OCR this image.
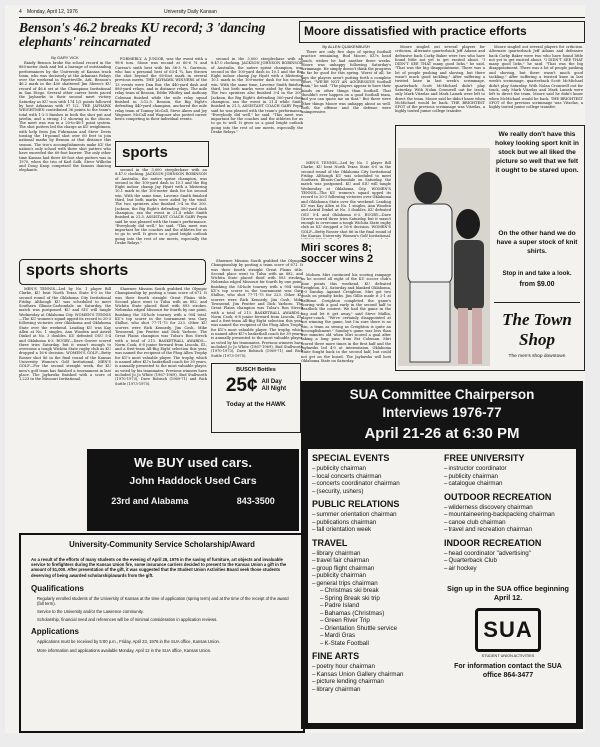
4 Monday, April 12, 1976	University Daily Kansan
Benson's 46.2 breaks KU record; 3 'dancing elephants' reincarnated
By GARY VICK

Randy Benson broke the school record in the 880-meter dash and led a barrage of outstanding performances by the University of Kansas track team, who was decisively at the Arkansas Relays over the weekend in Fayetteville, Ark. Benson's 46.2 mark in the 400 shattered Jim Sheen's KU record of 46.6 set at the Champions Invitational in San Diego. Several other career bests paced the Jayhawks to their second meet victory Saturday as KU won with 174 1/2 points followed by host Arkansas with 97 1/2. THE JAYHAWK WEIGHTMEN contributed 36 points to the team's total with 1-2-3 finishes in both the shot put and javelin, and a strong 1-2 showing in the discus. The meet was run in a 20-to-46-1 point system. The shot putters led the charge as KU weightmen, with help from Jim Fuhrmann and Steve Deets tossing the 16-pound shot over 60 feet to join national marks by Benson at that distance this season. The trio's accomplishments make KU the nation's only school with three shot putters who have exceeded the 60-foot barrier. The only other time Kansas had three 60-foot shot putters was in 1970, when the trio of Karl Salb, Steve Wilhelm and Doug Knop comprised the famous dancing elephants.

FORMERLY, A JUNIOR, was the event with a 98-6 toss. Stone was second at 60-6 ¾ and Curran's sixth best with his 56-3 ¼. Garrison, who has a personal best of 63-4 ¾, has thrown the shot beyond the 60-foot mark in several previous meets. THE JAYHAWK WINNERS of the 13 events were Dan Bur, the 440-yard dash and 880-yard relays, and in distance relays. The mile relay team of Benson, Eddie Whitley and Anthony Coleman finished while the mile relay squad finished in 3:12.5. Benson, the Big Eight's defending 440-yard champion, anchored the mile relay team of Tommy McCall, Steve Akers and Joy Wagoner. McCall and Wagoner also posted career bests competing in their individual events.

sports

second in the 3,000 steeplechase with an 8:47.0 clocking. JACKSON JOHNSON ROBINSON of Australia, the native sprint champion, was second in the 100-yard dash in 10.1 and the Big Eight indoor champ Jay Hyatt with a blistering 10.1 mark in the 100-meter dash for his second win. With the same time, Laverne Smith finished third, but both marks were aided by the wind. The two sprinters also finished 3-4 in the 200. Jackson, the Big Eight's defending 300-yard dash champion, ran the event in 21.4 while Smith finished in 21.5. ASSISTANT COACH GARY Pepin said he was pleased with the team's performance. "Everybody did well," he said. "This meet was important for the coaches and the athletes for us to go to well. It gives us a good bright outlook going into the rest of our meets, especially the Drake Relays."

second in the 3,000 steeplechase with an 8:47.0 clocking. JACKSON JOHNSON ROBINSON of Australia, the native sprint champion, was second in the 100-yard dash in 10.1 and the Big Eight indoor champ Jay Hyatt with a blistering 10.1 mark in the 100-meter dash for his second win. With the same time, Laverne Smith finished third, but both marks were aided by the wind. The two sprinters also finished 3-4 in the 200. Jackson, the Big Eight's defending 300-yard dash champion, ran the event in 21.4 while Smith finished in 21.5. ASSISTANT COACH GARY Pepin said he was pleased with the team's performance. "Everybody did well," he said. "This meet was important for the coaches and the athletes for us to go to well. It gives us a good bright outlook going into the rest of our meets, especially the Drake Relays."

sports shorts

MEN'S TENNIS—Led by No. 1 player Bill Clarke, KU beat North Texas State 6-0 in the second round of the Oklahoma City Invitational Friday. Although KU was scheduled to meet Southern Illinois-Carbondale on Saturday, the match was postponed. KU and SIU will tangle Wednesday at Oklahoma City. WOMEN'S TENNIS—The KU women's squad upped its record to 20-3 following victories over Oklahoma and Oklahoma State over the weekend. Leading KU was Kay Allen at No. 1 singles, Ann Wooden and Astrid Dinkel at No. 3 doubles. KU defeated OSU 5-4 and Oklahoma 6-3. RUGBY—Dave Grover scored three tries Saturday, but it wasn't enough to overcome a tough Wichita State rugby club as KU dropped a 16-6 decision. WOMEN'S GOLF—Betty Rosser shot 86 in the final round of the Kansas University Women's Golf Invitational. MEN'S GOLF—For the second straight week, the KU men's golf team has finished a tournament in last place. The Jayhawks finished with a score of 1,223 in the Missouri Invitational.

Shawnee Mission South grabbed the Olympic Championship by posting a team score of 671. It was their fourth straight Great Plains title. Second place went to Tulsa with an 882, and Wichita State placed third with 893 strokes. Nebraska edged Missouri for fourth by one point, finishing the 54-hole tourney with a 904 total. KU's top scorer in the tournament was Gary Shillue, who shot 77-71-75 for 223. Other KU scorers were Rick Kennedy, Jim Cosh, Mike Townsend, Jim Peutter and Dick Yarboro. The Great Plains champion was Tulsa's Ron Streck with a total of 213. BASKETBALL AWARDS—Norm Cook, 6-8 junior forward from Lincoln, Ill., and a first-team All-Big Eight selection this year, was named the recipient of the Phog Allen Trophy for KU's most valuable player. The trophy, which is named after KU's basketball coach for 39 years, is annually presented to the most valuable player, as voted by his teammates. Previous winners have included Jo Jo White (1967-1969), Bud Stallworth (1970-1973), Dave Robisch (1969-71) and Rick Suttle (1973-1975).

Shawnee Mission South grabbed the Olympic Championship by posting a team score of 671. It was their fourth straight Great Plains title. Second place went to Tulsa with an 882, and Wichita State placed third with 893 strokes. Nebraska edged Missouri for fourth by one point, finishing the 54-hole tourney with a 904 total. KU's top scorer in the tournament was Gary Shillue, who shot 77-71-75 for 223. Other KU scorers were Rick Kennedy, Jim Cosh, Mike Townsend, Jim Peutter and Dick Yarboro. The Great Plains champion was Tulsa's Ron Streck with a total of 213. BASKETBALL AWARDS—Norm Cook, 6-8 junior forward from Lincoln, Ill., and a first-team All-Big Eight selection this year, was named the recipient of the Phog Allen Trophy for KU's most valuable player. The trophy, which is named after KU's basketball coach for 39 years, is annually presented to the most valuable player, as voted by his teammates. Previous winners have included Jo Jo White (1967-1969), Bud Stallworth (1970-1973), Dave Robisch (1969-71) and Rick Suttle (1973-1975).

BUSCH Bottles
25¢ All Day
All Night
Today at the HAWK
We BUY used cars.
John Haddock Used Cars
23rd and Alabama	843-3500
University-Community Service Scholarship/Award
As a result of the efforts of many students on the evening of April 28, 1976 in the saving of furniture, art objects and invaluable service to firefighters during the Kansas Union fire, some insurance carriers decided to present to the Kansas Union a gift in the amount of $1,000. After presentation of the gift, it was suggested that the Student Union Activities Board seek those students deserving of being awarded scholarship/awards from the gift.
Qualifications
Regularly enrolled students of the University of Kansas at the time of application (spring term) and at the time of the receipt of the award (fall term).
Service to the University and/or the Lawrence community.
Scholarship, financial need and references will be of minimal consideration in application reviews.
Applications
Applications must be received by 5:00 p.m., Friday, April 23, 1976 in the SUA office, Kansas Union.
More information and applications available Monday, April 12 in the SUA office, Kansas Union.
Moore dissatisfied with practice efforts
By ALLEN QUAKENBUSH

There are only five days of spring football practice remaining, Bud Moore, KU's head coach, wishes he had another three weeks. Moore was unhappy following Saturday's scrimmage. He simply doesn't think the progress so far be good for this spring. Worst of all, he says the players aren't putting forth a complete effort. "WE'RE NOT AN AGGRESSIVE football team," he said. "The players appear to have their minds on other things than football. That shouldn't ever happen on a good football team, and you can quote me on that." But there were other things Moore was unhappy about as well. Both the offense and the defense were unimpressive.

Moore singled out several players for criticism. Alternate quarterback Jeff Adams and defensive back Corky Baker were two who have found little not yet to get excited about. "I DIDN'T SEE THAT many good licks," he said. "That was the big disappointment. There was a lot of people pushing and shoving, but there wasn't much good tackling." After suffering a twisted knee in last week's scrimmage, quarterback Scott McMichael didn't play Saturday. With Nolan Cromwell out for track, only Mark Vitzelas and Mark Lamek were left to direct the team. Moore said he didn't know when McMichael would be back. THE BRIGHTEST SPOT of the previous scrimmage was Vitzelas, a highly touted junior college transfer.

Moore singled out several players for criticism. Alternate quarterback Jeff Adams and defensive back Corky Baker were two who have found little not yet to get excited about. "I DIDN'T SEE THAT many good licks," he said. "That was the big disappointment. There was a lot of people pushing and shoving, but there wasn't much good tackling." After suffering a twisted knee in last week's scrimmage, quarterback Scott McMichael didn't play Saturday. With Nolan Cromwell out for track, only Mark Vitzelas and Mark Lamek were left to direct the team. Moore said he didn't know when McMichael would be back. THE BRIGHTEST SPOT of the previous scrimmage was Vitzelas, a highly touted junior college transfer.

MEN'S TENNIS—Led by No. 1 player Bill Clarke, KU beat North Texas State 6-0 in the second round of the Oklahoma City Invitational Friday. Although KU was scheduled to meet Southern Illinois-Carbondale on Saturday, the match was postponed. KU and SIU will tangle Wednesday at Oklahoma City. WOMEN'S TENNIS—The KU women's squad upped its record to 20-3 following victories over Oklahoma and Oklahoma State over the weekend. Leading KU was Kay Allen at No. 1 singles, Ann Wooden and Astrid Dinkel at No. 3 doubles. KU defeated OSU 5-4 and Oklahoma 6-3. RUGBY—Dave Grover scored three tries Saturday, but it wasn't enough to overcome a tough Wichita State rugby club as KU dropped a 16-6 decision. WOMEN'S GOLF—Betty Rosser shot 86 in the final round of the Kansas University Women's Golf Invitational.

Miri scores 8; soccer wins 2

Mohsen Miri continued his scoring rampage as he scored all eight of the KU soccer club's nine points this weekend. KU defeated Creighton, 4-2, Saturday and blanked Oklahoma, 6-0 Sunday. Against Creighton, Miri got two goals on penalty kicks. Jim Gillis made it 2-1 at halftime. Creighton completed the game's scoring with a goal early in the second half to deadlock the contest. We had the game in the bag and let it get away," said Steve Mullin, player-coach. "We're certainly disappointed at not winning the game, but I'm sure there is no win, a team as strong as Creighton is quite an accomplishment." Sunday's game was less than five minutes old when Miri scored a goal after taking a long pass from Pat Coleman. Miri scored three more times in the first half and the Jayhawks led 4-0 at intermission. Oklahoma State fought back in the second half, but could not get on the board. The Jayhawks will host Oklahoma State on Saturday.

We really don't have this hokey looking sport knit in stock but we all liked the picture so well that we felt it ought to be stared upon.
On the other hand we do have a super stock of knit shirts.
Stop in and take a look.
from $9.00
The Town Shop
The men's shop downtown
SUA Committee Chairperson
Interviews 1976-77
April 21-26 at 6:30 PM
SPECIAL EVENTS
– publicity chairman
– local concerts chairman
– concerts coordinator chairman
– (security, ushers)
PUBLIC RELATIONS
– summer orientation chairman
– publications chairman
– fall orientation week
TRAVEL
– library chairman
– travel fair chairman
– group flight chairman
– publicity chairman
– general trips chairman
– Christmas ski break
– Spring Break ski trip
– Padre Island
– Bahamas (Christmas)
– Green River Trip
– Orientation Shuttle service
– Mardi Gras
– K-State Football
FINE ARTS
– poetry hour chairman
– Kansas Union Gallery chairman
– picture lending chairman
– library chairman
FREE UNIVERSITY
– instructor coordinator
– publicity chairman
– catalogue chairman
OUTDOOR RECREATION
– wilderness discovery chairman
– mountaineering-backpacking chairman
– canoe club chairman
– travel and recreation chairman
INDOOR RECREATION
– head coordinator "advertising"
– Quarterback Club
– air hockey
Sign up in the SUA office beginning April 12.
SUA
STUDENT UNION ACTIVITIES
For information contact the SUA office 864-3477
